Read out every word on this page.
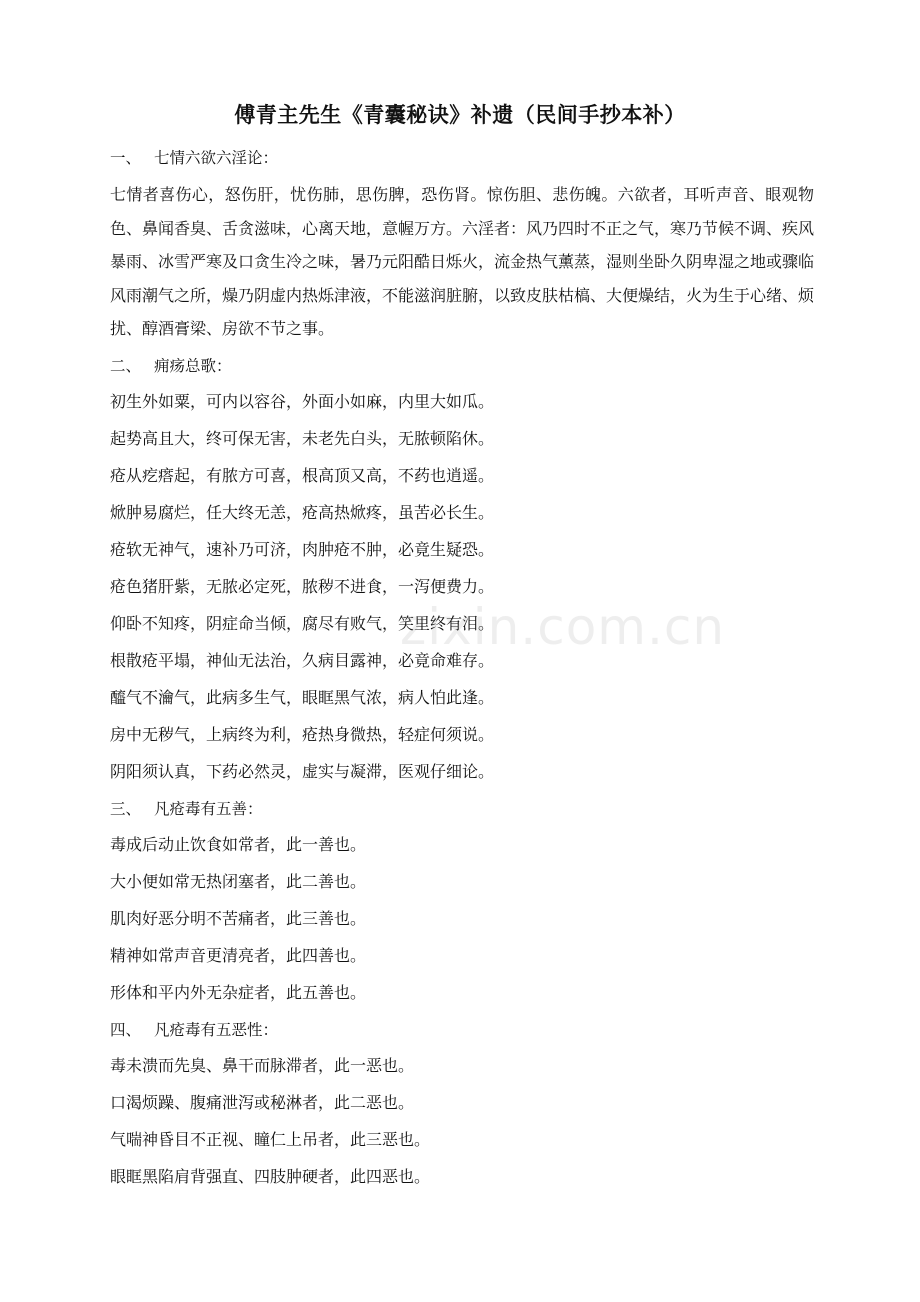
傅青主先生《青囊秘诀》补遗（民间手抄本补）
一、 七情六欲六淫论：
七情者喜伤心，怒伤肝，忧伤肺，思伤脾，恐伤肾。惊伤胆、悲伤魄。六欲者，耳听声音、眼观物色、鼻闻香臭、舌贪滋味，心离天地，意幄万方。六淫者：风乃四时不正之气，寒乃节候不调、疾风暴雨、冰雪严寒及口贪生冷之味，暑乃元阳酷日烁火，流金热气薰蒸，湿则坐卧久阴卑湿之地或骤临风雨潮气之所，燥乃阴虚内热烁津液，不能滋润脏腑，以致皮肤枯槁、大便燥结，火为生于心绪、烦扰、醇酒膏梁、房欲不节之事。
二、 痈疡总歌：
初生外如粟，可内以容谷，外面小如麻，内里大如瓜。
起势高且大，终可保无害，未老先白头，无脓顿陷休。
疮从疙瘩起，有脓方可喜，根高顶又高，不药也逍遥。
焮肿易腐烂，任大终无恙，疮高热焮疼，虽苦必长生。
疮软无神气，速补乃可济，肉肿疮不肿，必竟生疑恐。
疮色猪肝紫，无脓必定死，脓秽不进食，一泻便费力。
仰卧不知疼，阴症命当倾，腐尽有败气，笑里终有泪。
根散疮平塌，神仙无法治，久病目露神，必竟命难存。
醯气不瀹气，此病多生气，眼眶黑气浓，病人怕此逢。
房中无秽气，上病终为利，疮热身微热，轻症何须说。
阴阳须认真，下药必然灵，虚实与凝滞，医观仔细论。
三、 凡疮毒有五善：
毒成后动止饮食如常者，此一善也。
大小便如常无热闭塞者，此二善也。
肌肉好恶分明不苦痛者，此三善也。
精神如常声音更清亮者，此四善也。
形体和平内外无杂症者，此五善也。
四、 凡疮毒有五恶性：
毒未溃而先臭、鼻干而脉滞者，此一恶也。
口渴烦躁、腹痛泄泻或秘淋者，此二恶也。
气喘神昏目不正视、瞳仁上吊者，此三恶也。
眼眶黑陷肩背强直、四肢肿硬者，此四恶也。
zixin.com.cn
